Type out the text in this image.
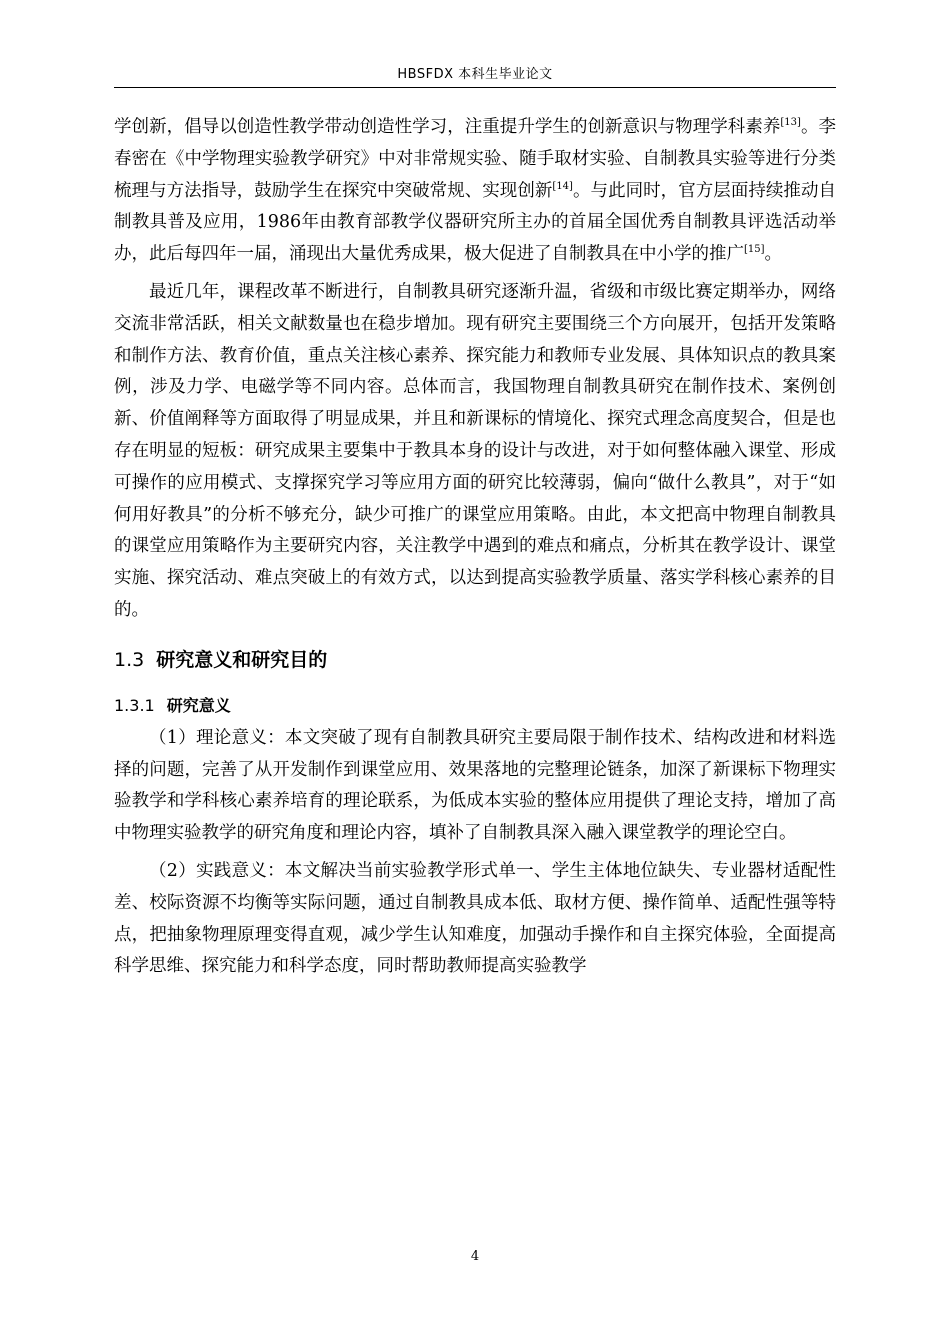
HBSFDX 本科生毕业论文

学创新，倡导以创造性教学带动创造性学习，注重提升学生的创新意识与物理学科素养[13]。李春密在《中学物理实验教学研究》中对非常规实验、随手取材实验、自制教具实验等进行分类梳理与方法指导，鼓励学生在探究中突破常规、实现创新[14]。与此同时，官方层面持续推动自制教具普及应用，1986年由教育部教学仪器研究所主办的首届全国优秀自制教具评选活动举办，此后每四年一届，涌现出大量优秀成果，极大促进了自制教具在中小学的推广[15]。

最近几年，课程改革不断进行，自制教具研究逐渐升温，省级和市级比赛定期举办，网络交流非常活跃，相关文献数量也在稳步增加。现有研究主要围绕三个方向展开，包括开发策略和制作方法、教育价值，重点关注核心素养、探究能力和教师专业发展、具体知识点的教具案例，涉及力学、电磁学等不同内容。总体而言，我国物理自制教具研究在制作技术、案例创新、价值阐释等方面取得了明显成果，并且和新课标的情境化、探究式理念高度契合，但是也存在明显的短板：研究成果主要集中于教具本身的设计与改进，对于如何整体融入课堂、形成可操作的应用模式、支撑探究学习等应用方面的研究比较薄弱，偏向“做什么教具”，对于“如何用好教具”的分析不够充分，缺少可推广的课堂应用策略。由此，本文把高中物理自制教具的课堂应用策略作为主要研究内容，关注教学中遇到的难点和痛点，分析其在教学设计、课堂实施、探究活动、难点突破上的有效方式，以达到提高实验教学质量、落实学科核心素养的目的。

1.3 研究意义和研究目的
1.3.1 研究意义

（1）理论意义：本文突破了现有自制教具研究主要局限于制作技术、结构改进和材料选择的问题，完善了从开发制作到课堂应用、效果落地的完整理论链条，加深了新课标下物理实验教学和学科核心素养培育的理论联系，为低成本实验的整体应用提供了理论支持，增加了高中物理实验教学的研究角度和理论内容，填补了自制教具深入融入课堂教学的理论空白。

（2）实践意义：本文解决当前实验教学形式单一、学生主体地位缺失、专业器材适配性差、校际资源不均衡等实际问题，通过自制教具成本低、取材方便、操作简单、适配性强等特点，把抽象物理原理变得直观，减少学生认知难度，加强动手操作和自主探究体验，全面提高科学思维、探究能力和科学态度，同时帮助教师提高实验教学

4
